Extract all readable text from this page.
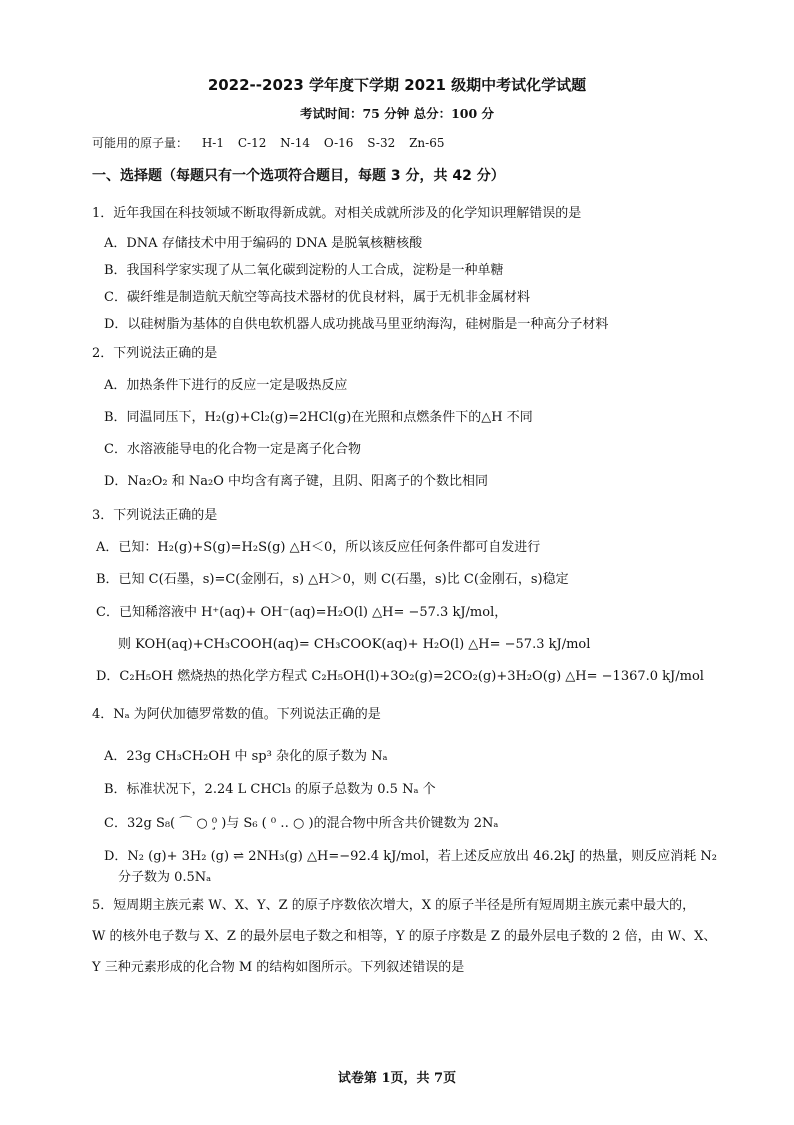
2022--2023 学年度下学期 2021 级期中考试化学试题
考试时间：75 分钟 总分：100 分
可能用的原子量： H-1 C-12 N-14 O-16 S-32 Zn-65
一、选择题（每题只有一个选项符合题目，每题 3 分，共 42 分）
1．近年我国在科技领域不断取得新成就。对相关成就所涉及的化学知识理解错误的是
A．DNA 存储技术中用于编码的 DNA 是脱氧核糖核酸
B．我国科学家实现了从二氧化碳到淀粉的人工合成，淀粉是一种单糖
C．碳纤维是制造航天航空等高技术器材的优良材料，属于无机非金属材料
D．以硅树脂为基体的自供电软机器人成功挑战马里亚纳海沟，硅树脂是一种高分子材料
2．下列说法正确的是
A．加热条件下进行的反应一定是吸热反应
B．同温同压下，H₂(g)+Cl₂(g)=2HCl(g)在光照和点燃条件下的△H 不同
C．水溶液能导电的化合物一定是离子化合物
D．Na₂O₂ 和 Na₂O 中均含有离子键，且阴、阳离子的个数比相同
3．下列说法正确的是
A．已知：H₂(g)+S(g)=H₂S(g) △H＜0，所以该反应任何条件都可自发进行
B．已知 C(石墨，s)=C(金刚石，s) △H＞0，则 C(石墨，s)比 C(金刚石，s)稳定
C．已知稀溶液中 H⁺(aq)+ OH⁻(aq)=H₂O(l) △H= −57.3 kJ/mol，
则 KOH(aq)+CH₃COOH(aq)= CH₃COOK(aq)+ H₂O(l) △H= −57.3 kJ/mol
D．C₂H₅OH 燃烧热的热化学方程式 C₂H₅OH(l)+3O₂(g)=2CO₂(g)+3H₂O(g) △H= −1367.0 kJ/mol
4．Nₐ 为阿伏加德罗常数的值。下列说法正确的是
A．23g CH₃CH₂OH 中 sp³ 杂化的原子数为 Nₐ
B．标准状况下，2.24 L CHCl₃ 的原子总数为 0.5 Nₐ 个
C．32g S₈( ⌒ ○ ⁰̧ )与 S₆ ( ⁰ ‥ ○ )的混合物中所含共价键数为 2Nₐ
D．N₂ (g)+ 3H₂ (g) ⇌ 2NH₃(g) △H=−92.4 kJ/mol，若上述反应放出 46.2kJ 的热量，则反应消耗 N₂
分子数为 0.5Nₐ
5．短周期主族元素 W、X、Y、Z 的原子序数依次增大，X 的原子半径是所有短周期主族元素中最大的，
W 的核外电子数与 X、Z 的最外层电子数之和相等，Y 的原子序数是 Z 的最外层电子数的 2 倍，由 W、X、
Y 三种元素形成的化合物 M 的结构如图所示。下列叙述错误的是
试卷第 1页，共 7页
